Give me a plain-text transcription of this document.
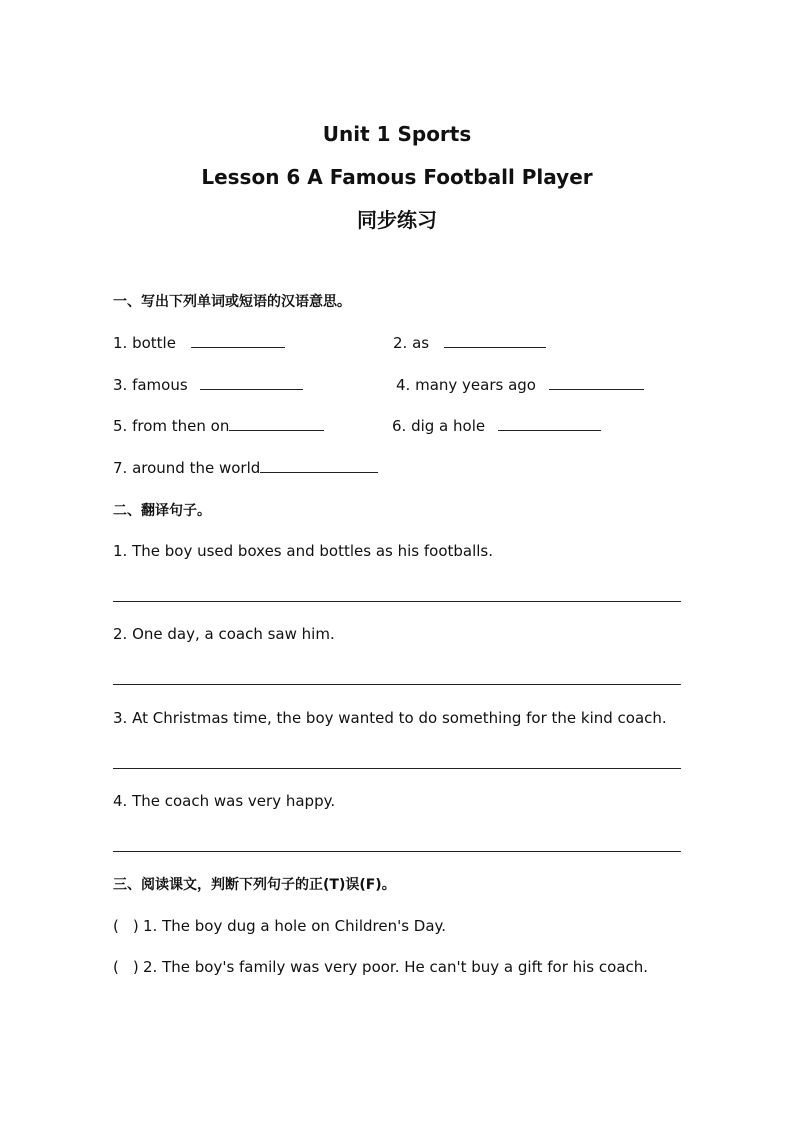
Unit 1 Sports
Lesson 6 A Famous Football Player
同步练习
一、写出下列单词或短语的汉语意思。
1. bottle	2. as
3. famous	4. many years ago
5. from then on	6. dig a hole
7. around the world
二、翻译句子。
1. The boy used boxes and bottles as his footballs.
2. One day, a coach saw him.
3. At Christmas time, the boy wanted to do something for the kind coach.
4. The coach was very happy.
三、阅读课文，判断下列句子的正(T)误(F)。
( ) 1. The boy dug a hole on Children's Day.
( ) 2. The boy's family was very poor. He can't buy a gift for his coach.
